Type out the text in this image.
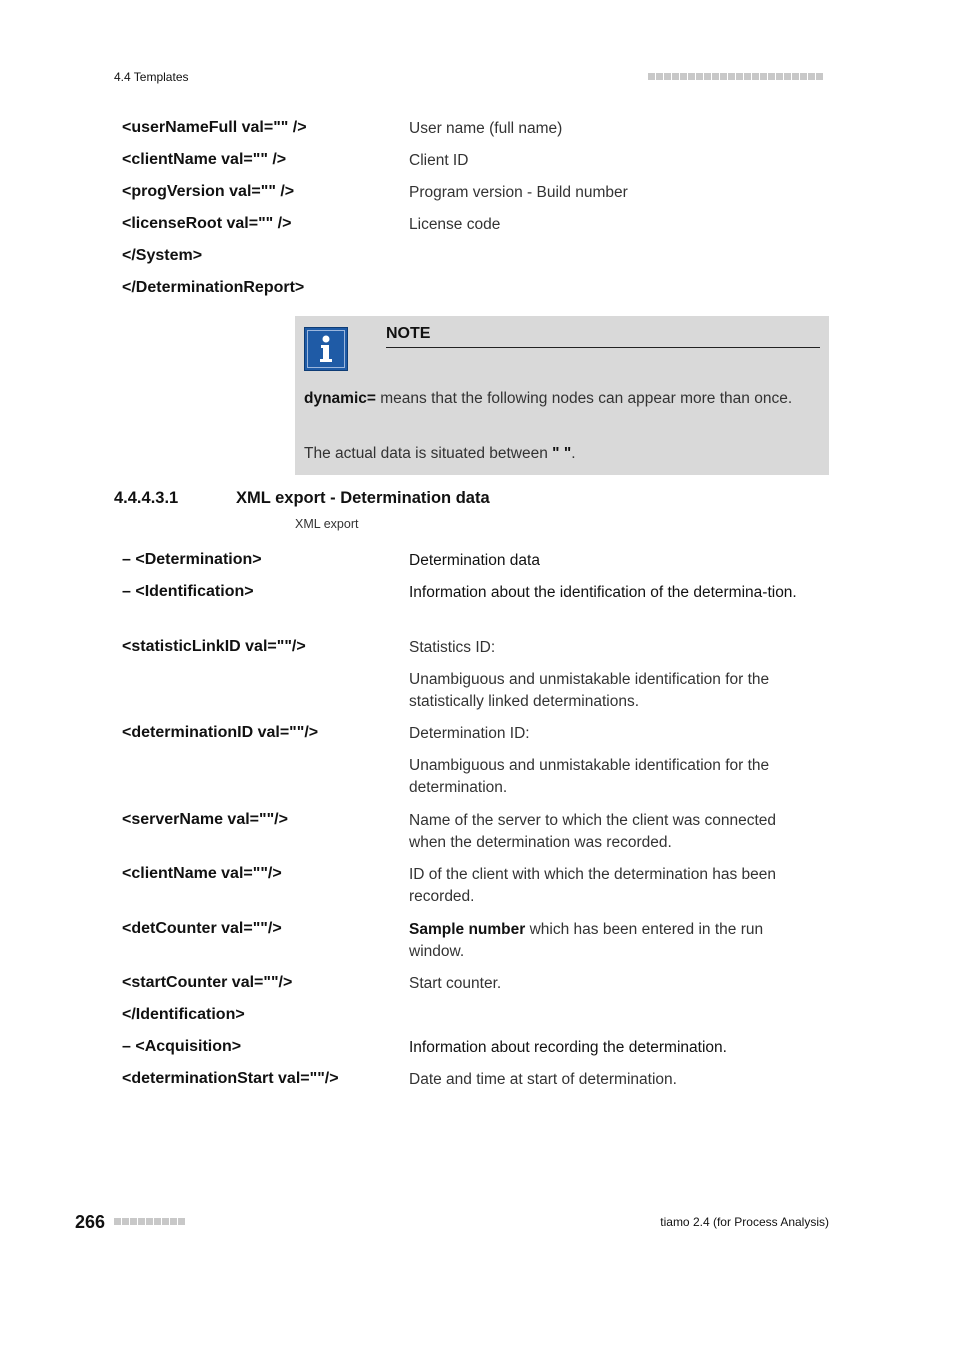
4.4 Templates
<userNameFull val="" />	User name (full name)
<clientName val="" />	Client ID
<progVersion val="" />	Program version - Build number
<licenseRoot val="" />	License code
</System>
</DeterminationReport>
NOTE
dynamic= means that the following nodes can appear more than once.
The actual data is situated between " ".
4.4.4.3.1	XML export - Determination data
XML export
– <Determination>	Determination data
– <Identification>	Information about the identification of the determina-tion.
<statisticLinkID val=""/>	Statistics ID:
Unambiguous and unmistakable identification for the statistically linked determinations.
<determinationID val=""/>	Determination ID:
Unambiguous and unmistakable identification for the determination.
<serverName val=""/>	Name of the server to which the client was connected when the determination was recorded.
<clientName val=""/>	ID of the client with which the determination has been recorded.
<detCounter val=""/>	Sample number which has been entered in the run window.
<startCounter val=""/>	Start counter.
</Identification>
– <Acquisition>	Information about recording the determination.
<determinationStart val=""/>	Date and time at start of determination.
266	tiamo 2.4 (for Process Analysis)
